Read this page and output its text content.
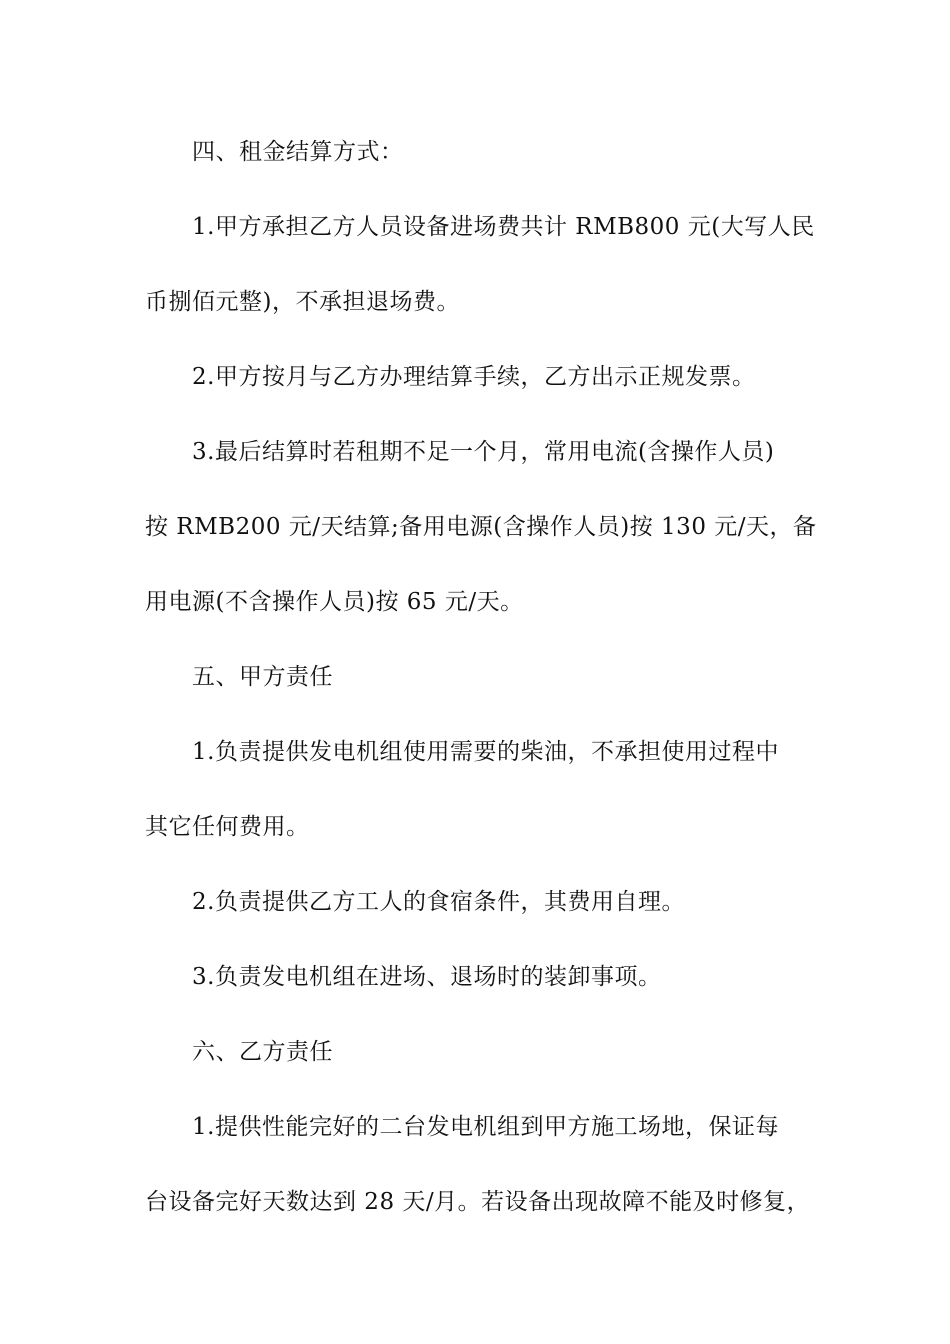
四、租金结算方式：
1.甲方承担乙方人员设备进场费共计 RMB800 元(大写人民
币捌佰元整)，不承担退场费。
2.甲方按月与乙方办理结算手续，乙方出示正规发票。
3.最后结算时若租期不足一个月，常用电流(含操作人员)
按 RMB200 元/天结算;备用电源(含操作人员)按 130 元/天，备
用电源(不含操作人员)按 65 元/天。
五、甲方责任
1.负责提供发电机组使用需要的柴油，不承担使用过程中
其它任何费用。
2.负责提供乙方工人的食宿条件，其费用自理。
3.负责发电机组在进场、退场时的装卸事项。
六、乙方责任
1.提供性能完好的二台发电机组到甲方施工场地，保证每
台设备完好天数达到 28 天/月。若设备出现故障不能及时修复，
